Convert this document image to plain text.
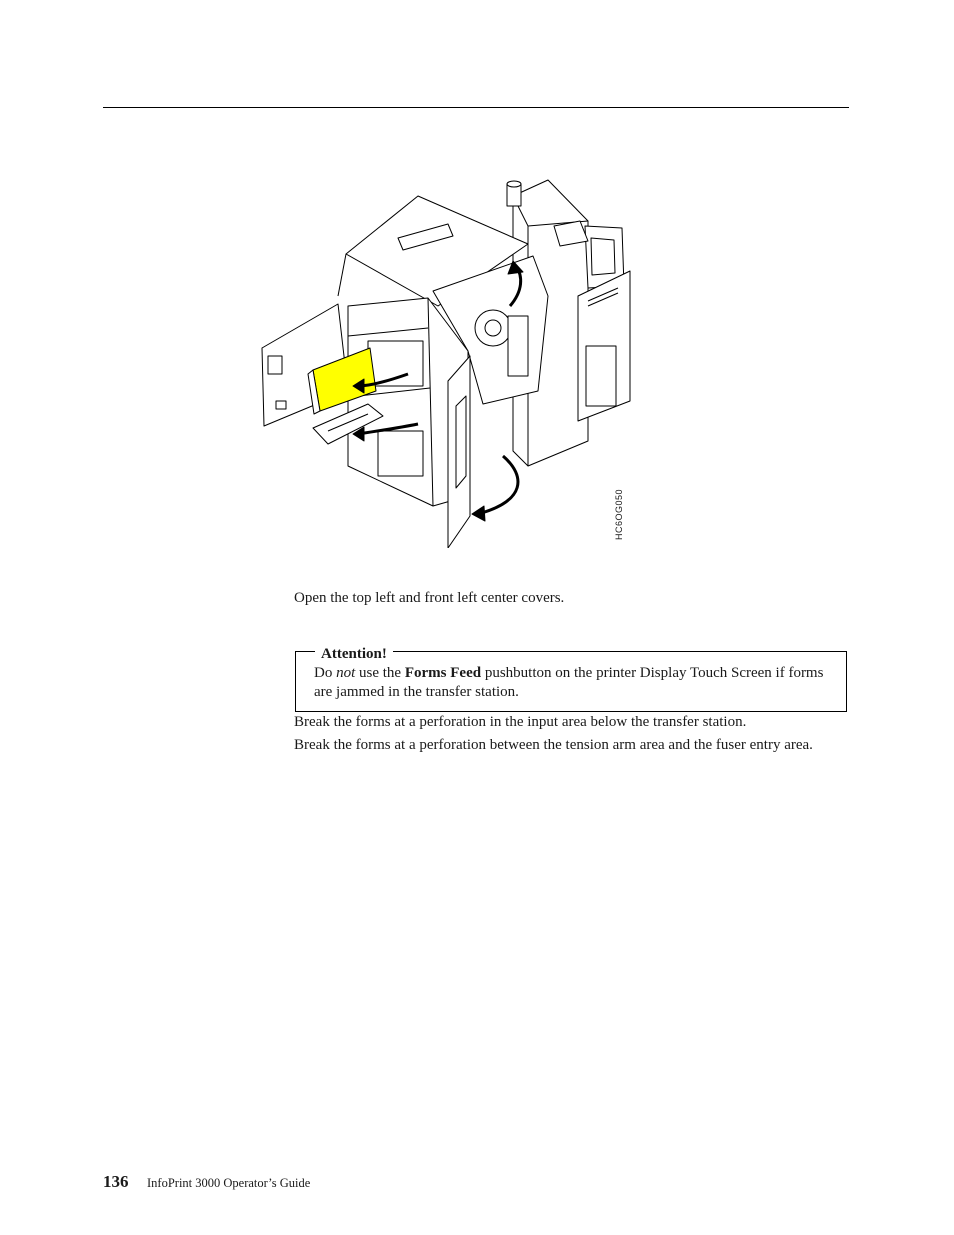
HC6OG050

Open the top left and front left center covers.

Attention!

Do not use the Forms Feed pushbutton on the printer Display Touch Screen if forms are jammed in the transfer station.

Break the forms at a perforation in the input area below the transfer station.

Break the forms at a perforation between the tension arm area and the fuser entry area.

136 InfoPrint 3000 Operator’s Guide
